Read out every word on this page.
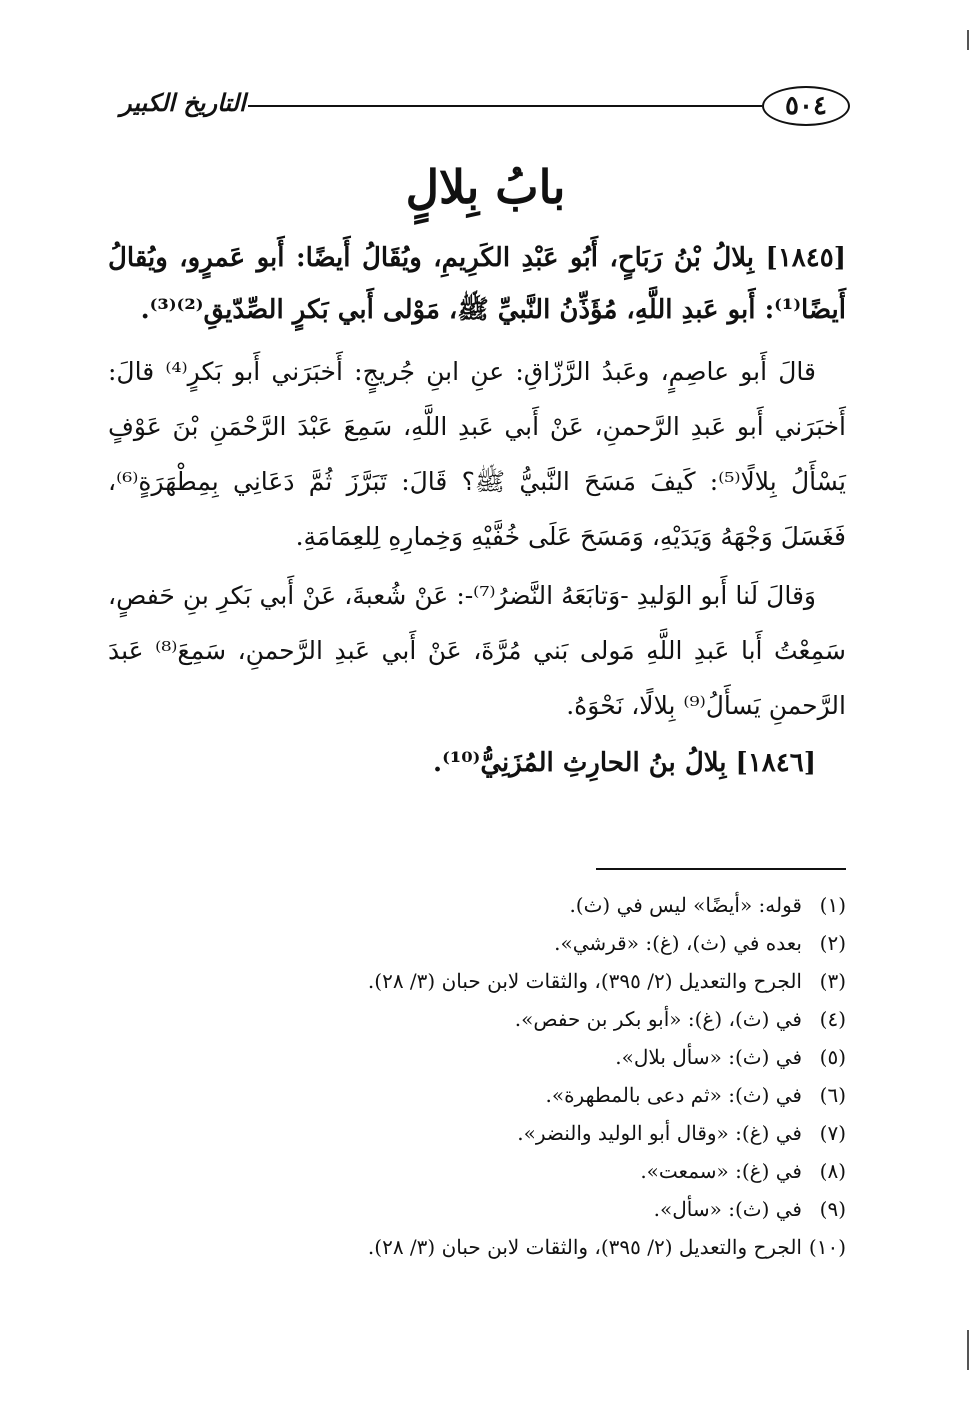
٥٠٤
التاريخ الكبير
بابُ بِلالٍ

[١٨٤٥] بِلالُ بْنُ رَبَاحٍ، أَبُو عَبْدِ الكَرِيمِ، ويُقَالُ أَيضًا: أَبو عَمرٍو، ويُقالُ أَيضًا⁽¹⁾: أَبو عَبدِ اللَّهِ، مُؤَذِّنُ النَّبيِّ ﷺ، مَوْلى أَبي بَكرٍ الصِّدّيقِ⁽²⁾⁽³⁾.

قالَ أَبو عاصِمٍ، وعَبدُ الرَّزّاقِ: عنِ ابنِ جُريجٍ: أَخبَرَني أَبو بَكرٍ⁽⁴⁾ قالَ: أَخبَرَني أَبو عَبدِ الرَّحمنِ، عَنْ أَبي عَبدِ اللَّهِ، سَمِعَ عَبْدَ الرَّحْمَنِ بْنَ عَوْفٍ يَسْأَلُ بِلالًا⁽⁵⁾: كَيفَ مَسَحَ النَّبيُّ ﷺ؟ قَالَ: تَبَرَّزَ ثُمَّ دَعَانِي بِمِطْهَرَةٍ⁽⁶⁾، فَغَسَلَ وَجْهَهُ وَيَدَيْهِ، وَمَسَحَ عَلَى خُفَّيْهِ وَخِمارِهِ لِلعِمَامَةِ.

وَقالَ لَنا أَبو الوَليدِ -وَتابَعَهُ النَّضرُ⁽⁷⁾-: عَنْ شُعبةَ، عَنْ أَبي بَكرِ بنِ حَفصٍ، سَمِعْتُ أَبا عَبدِ اللَّهِ مَولى بَني مُرَّةَ، عَنْ أَبي عَبدِ الرَّحمنِ، سَمِعَ⁽⁸⁾ عَبدَ الرَّحمنِ يَسأَلُ⁽⁹⁾ بِلالًا، نَحْوَهُ.

[١٨٤٦] بِلالُ بنُ الحارِثِ المُزَنِيُّ⁽¹⁰⁾.

(١)قوله: «أيضًا» ليس في (ث).
(٢)بعده في (ث)، (غ): «قرشي».
(٣)الجرح والتعديل (٢/ ٣٩٥)، والثقات لابن حبان (٣/ ٢٨).
(٤)في (ث)، (غ): «أبو بكر بن حفص».
(٥)في (ث): «سأل بلال».
(٦)في (ث): «ثم دعى بالمطهرة».
(٧)في (غ): «وقال أبو الوليد والنضر».
(٨)في (غ): «سمعت».
(٩)في (ث): «سأل».
(١٠)الجرح والتعديل (٢/ ٣٩٥)، والثقات لابن حبان (٣/ ٢٨).
